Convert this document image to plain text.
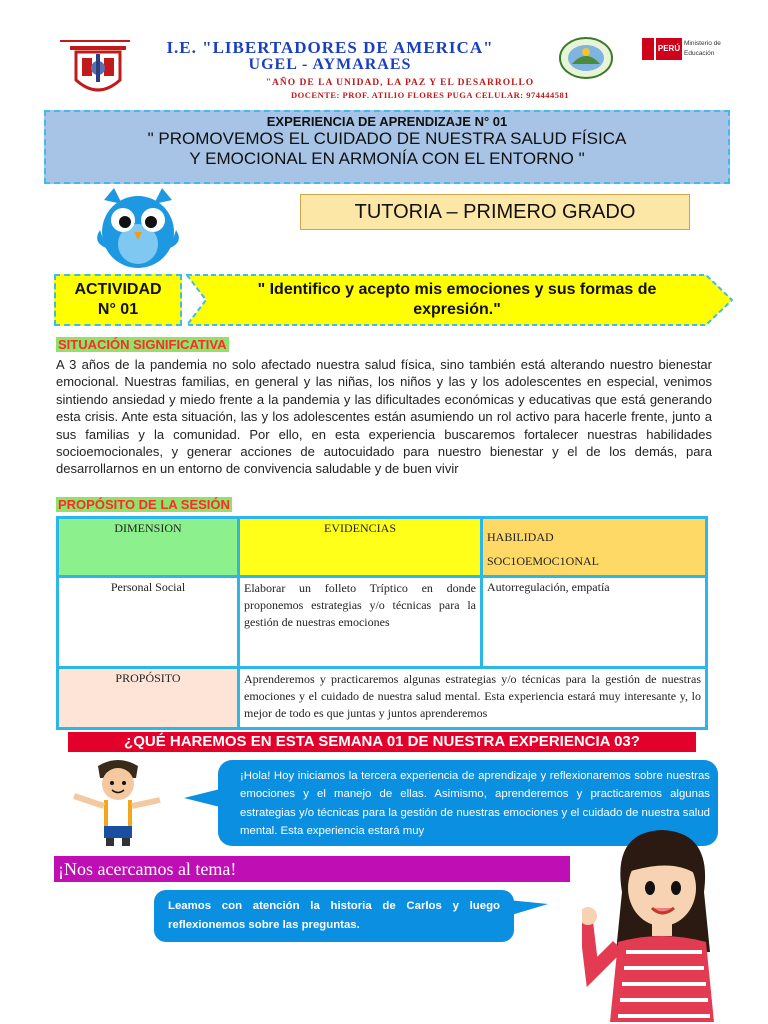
I.E. "LIBERTADORES DE AMERICA"
UGEL - AYMARAES
"AÑO DE LA UNIDAD, LA PAZ Y EL DESARROLLO
DOCENTE: PROF. ATILIO FLORES PUGA CELULAR: 974444581
PERÚ
Ministerio de Educación
EXPERIENCIA DE APRENDIZAJE N° 01
" PROMOVEMOS EL CUIDADO DE NUESTRA SALUD FÍSICA
Y EMOCIONAL EN ARMONÍA CON EL ENTORNO "
TUTORIA – PRIMERO GRADO
ACTIVIDAD
N° 01
" Identifico y acepto mis emociones y sus formas de expresión."
SITUACIÓN SIGNIFICATIVA
A 3 años de la pandemia no solo afectado nuestra salud física, sino también está alterando nuestro bienestar emocional. Nuestras familias, en general y las niñas, los niños y las y los adolescentes en especial, venimos sintiendo ansiedad y miedo frente a la pandemia y las dificultades económicas y educativas que está generando esta crisis. Ante esta situación, las y los adolescentes están asumiendo un rol activo para hacerle frente, junto a sus familias y la comunidad. Por ello, en esta experiencia buscaremos fortalecer nuestras habilidades socioemocionales, y generar acciones de autocuidado para nuestro bienestar y el de los demás, para desarrollarnos en un entorno de convivencia saludable y de buen vivir
PROPÓSITO DE LA SESIÓN
DIMENSION	EVIDENCIAS	HABILIDAD
SOC1OEMOC1ONAL

Personal Social	Elaborar un folleto Tríptico en donde proponemos estrategias y/o técnicas para la gestión de nuestras emociones	Autorregulación, empatía
PROPÓSITO	Aprenderemos y practicaremos algunas estrategias y/o técnicas para la gestión de nuestras emociones y el cuidado de nuestra salud mental. Esta experiencia estará muy interesante y, lo mejor de todo es que juntas y juntos aprenderemos	
¿QUÉ HAREMOS EN ESTA SEMANA 01 DE NUESTRA EXPERIENCIA 03?
¡Hola! Hoy iniciamos la tercera experiencia de aprendizaje y reflexionaremos sobre nuestras emociones y el manejo de ellas. Asimismo, aprenderemos y practicaremos algunas estrategias y/o técnicas para la gestión de nuestras emociones y el cuidado de nuestra salud mental. Esta experiencia estará muy
¡Nos acercamos al tema!
Leamos con atención la historia de Carlos y luego reflexionemos sobre las preguntas.
